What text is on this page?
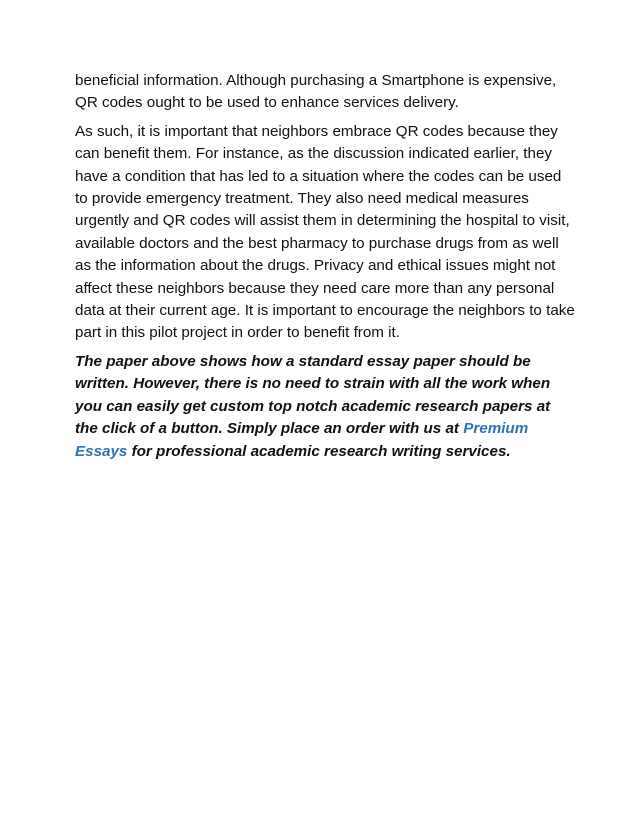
beneficial information. Although purchasing a Smartphone is expensive, QR codes ought to be used to enhance services delivery.

As such, it is important that neighbors embrace QR codes because they can benefit them. For instance, as the discussion indicated earlier, they have a condition that has led to a situation where the codes can be used to provide emergency treatment. They also need medical measures urgently and QR codes will assist them in determining the hospital to visit, available doctors and the best pharmacy to purchase drugs from as well as the information about the drugs. Privacy and ethical issues might not affect these neighbors because they need care more than any personal data at their current age. It is important to encourage the neighbors to take part in this pilot project in order to benefit from it.

The paper above shows how a standard essay paper should be written. However, there is no need to strain with all the work when you can easily get custom top notch academic research papers at the click of a button. Simply place an order with us at Premium Essays for professional academic research writing services.
